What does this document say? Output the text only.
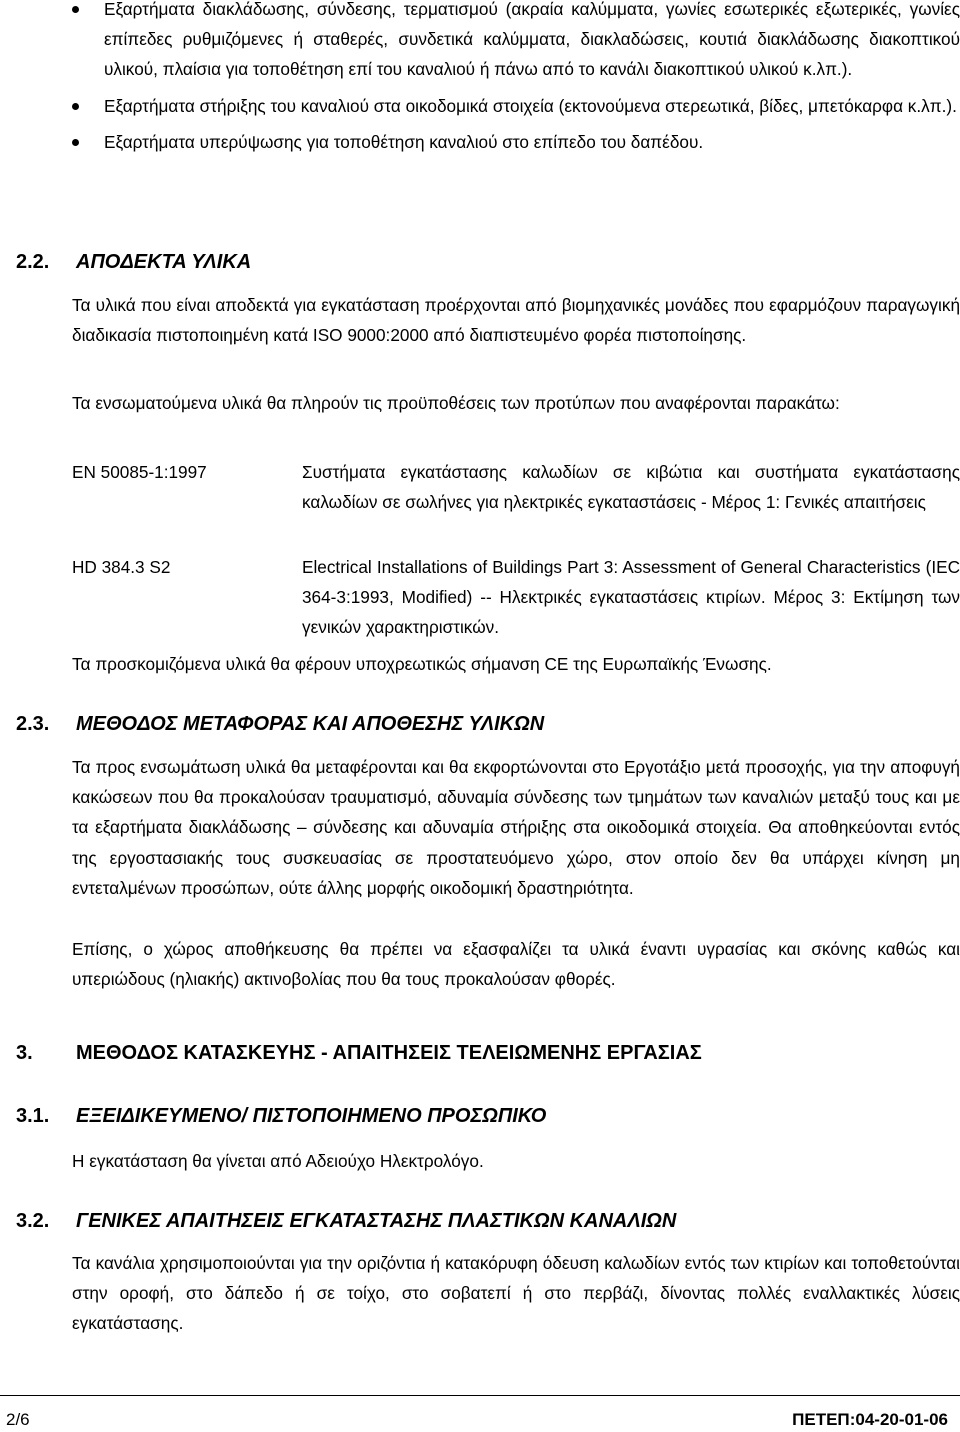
Εξαρτήματα διακλάδωσης, σύνδεσης, τερματισμού (ακραία καλύμματα, γωνίες εσωτερικές εξωτερικές, γωνίες επίπεδες ρυθμιζόμενες ή σταθερές, συνδετικά καλύμματα, διακλαδώσεις, κουτιά διακλάδωσης διακοπτικού υλικού, πλαίσια για τοποθέτηση επί του καναλιού ή πάνω από το κανάλι διακοπτικού υλικού κ.λπ.).
Εξαρτήματα στήριξης του καναλιού στα οικοδομικά στοιχεία (εκτονούμενα στερεωτικά, βίδες, μπετόκαρφα κ.λπ.).
Εξαρτήματα υπερύψωσης για τοποθέτηση καναλιού στο επίπεδο του δαπέδου.
2.2. ΑΠΟΔΕΚΤΑ ΥΛΙΚΑ

Τα υλικά που είναι αποδεκτά για εγκατάσταση προέρχονται από βιομηχανικές μονάδες που εφαρμόζουν παραγωγική διαδικασία πιστοποιημένη κατά ISO 9000:2000 από διαπιστευμένο φορέα πιστοποίησης.

Τα ενσωματούμενα υλικά θα πληρούν τις προϋποθέσεις των προτύπων που αναφέρονται παρακάτω:

EN 50085-1:1997	Συστήματα εγκατάστασης καλωδίων σε κιβώτια και συστήματα εγκατάστασης καλωδίων σε σωλήνες για ηλεκτρικές εγκαταστάσεις - Μέρος 1: Γενικές απαιτήσεις
HD 384.3 S2	Electrical Installations of Buildings Part 3: Assessment of General Characteristics (IEC 364-3:1993, Modified) -- Ηλεκτρικές εγκαταστάσεις κτιρίων. Μέρος 3: Εκτίμηση των γενικών χαρακτηριστικών.

Τα προσκομιζόμενα υλικά θα φέρουν υποχρεωτικώς σήμανση CE της Ευρωπαϊκής Ένωσης.

2.3. ΜΕΘΟΔΟΣ ΜΕΤΑΦΟΡΑΣ ΚΑΙ ΑΠΟΘΕΣΗΣ ΥΛΙΚΩΝ

Τα προς ενσωμάτωση υλικά θα μεταφέρονται και θα εκφορτώνονται στο Εργοτάξιο μετά προσοχής, για την αποφυγή κακώσεων που θα προκαλούσαν τραυματισμό, αδυναμία σύνδεσης των τμημάτων των καναλιών μεταξύ τους και με τα εξαρτήματα διακλάδωσης – σύνδεσης και αδυναμία στήριξης στα οικοδομικά στοιχεία. Θα αποθηκεύονται εντός της εργοστασιακής τους συσκευασίας σε προστατευόμενο χώρο, στον οποίο δεν θα υπάρχει κίνηση μη εντεταλμένων προσώπων, ούτε άλλης μορφής οικοδομική δραστηριότητα.

Επίσης, ο χώρος αποθήκευσης θα πρέπει να εξασφαλίζει τα υλικά έναντι υγρασίας και σκόνης καθώς και υπεριώδους (ηλιακής) ακτινοβολίας που θα τους προκαλούσαν φθορές.

3. ΜΕΘΟΔΟΣ ΚΑΤΑΣΚΕΥΗΣ - ΑΠΑΙΤΗΣΕΙΣ ΤΕΛΕΙΩΜΕΝΗΣ ΕΡΓΑΣΙΑΣ
3.1. ΕΞΕΙΔΙΚΕΥΜΕΝΟ/ ΠΙΣΤΟΠΟΙΗΜΕΝΟ ΠΡΟΣΩΠΙΚΟ

Η εγκατάσταση θα γίνεται από Αδειούχο Ηλεκτρολόγο.

3.2. ΓΕΝΙΚΕΣ ΑΠΑΙΤΗΣΕΙΣ ΕΓΚΑΤΑΣΤΑΣΗΣ ΠΛΑΣΤΙΚΩΝ ΚΑΝΑΛΙΩΝ

Τα κανάλια χρησιμοποιούνται για την οριζόντια ή κατακόρυφη όδευση καλωδίων εντός των κτιρίων και τοποθετούνται στην οροφή, στο δάπεδο ή σε τοίχο, στο σοβατεπί ή στο περβάζι, δίνοντας πολλές εναλλακτικές λύσεις εγκατάστασης.

2/6	ΠΕΤΕΠ:04-20-01-06
